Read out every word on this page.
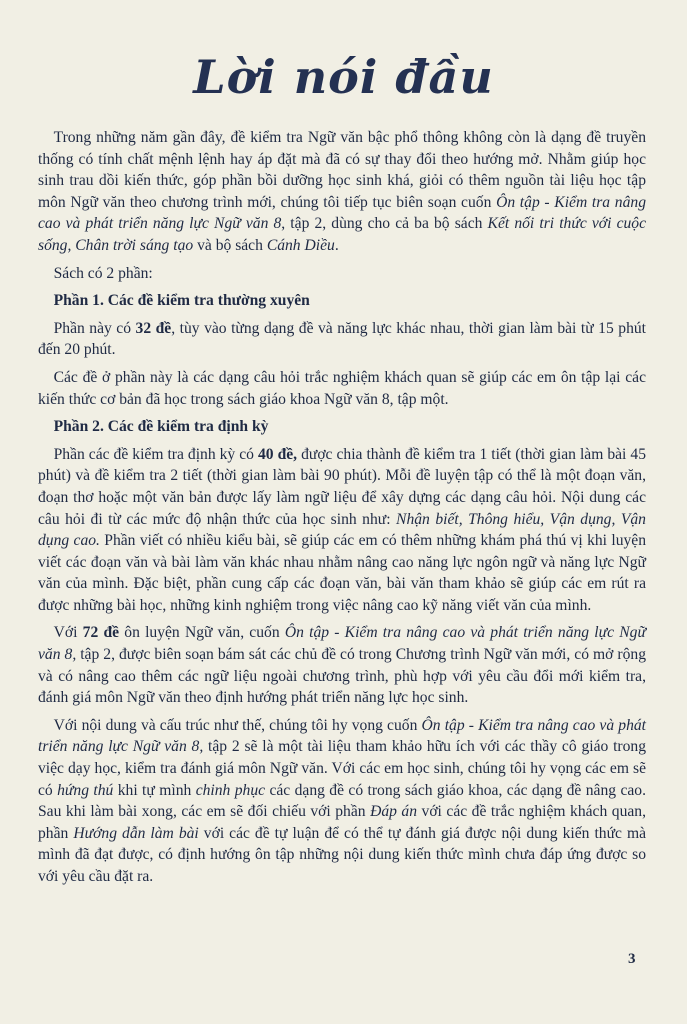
Lời nói đầu

 Trong những năm gần đây, đề kiểm tra Ngữ văn bậc phổ thông không còn là dạng đề truyền thống có tính chất mệnh lệnh hay áp đặt mà đã có sự thay đổi theo hướng mở. Nhằm giúp học sinh trau dồi kiến thức, góp phần bồi dưỡng học sinh khá, giỏi có thêm nguồn tài liệu học tập môn Ngữ văn theo chương trình mới, chúng tôi tiếp tục biên soạn cuốn Ôn tập - Kiểm tra nâng cao và phát triển năng lực Ngữ văn 8, tập 2, dùng cho cả ba bộ sách Kết nối tri thức với cuộc sống, Chân trời sáng tạo và bộ sách Cánh Diều.

 Sách có 2 phần:

 Phần 1. Các đề kiểm tra thường xuyên

 Phần này có 32 đề, tùy vào từng dạng đề và năng lực khác nhau, thời gian làm bài từ 15 phút đến 20 phút.

 Các đề ở phần này là các dạng câu hỏi trắc nghiệm khách quan sẽ giúp các em ôn tập lại các kiến thức cơ bản đã học trong sách giáo khoa Ngữ văn 8, tập một.

 Phần 2. Các đề kiểm tra định kỳ

 Phần các đề kiểm tra định kỳ có 40 đề, được chia thành đề kiểm tra 1 tiết (thời gian làm bài 45 phút) và đề kiểm tra 2 tiết (thời gian làm bài 90 phút). Mỗi đề luyện tập có thể là một đoạn văn, đoạn thơ hoặc một văn bản được lấy làm ngữ liệu để xây dựng các dạng câu hỏi. Nội dung các câu hỏi đi từ các mức độ nhận thức của học sinh như: Nhận biết, Thông hiểu, Vận dụng, Vận dụng cao. Phần viết có nhiều kiểu bài, sẽ giúp các em có thêm những khám phá thú vị khi luyện viết các đoạn văn và bài làm văn khác nhau nhằm nâng cao năng lực ngôn ngữ và năng lực Ngữ văn của mình. Đặc biệt, phần cung cấp các đoạn văn, bài văn tham khảo sẽ giúp các em rút ra được những bài học, những kinh nghiệm trong việc nâng cao kỹ năng viết văn của mình.

 Với 72 đề ôn luyện Ngữ văn, cuốn Ôn tập - Kiểm tra nâng cao và phát triển năng lực Ngữ văn 8, tập 2, được biên soạn bám sát các chủ đề có trong Chương trình Ngữ văn mới, có mở rộng và có nâng cao thêm các ngữ liệu ngoài chương trình, phù hợp với yêu cầu đổi mới kiểm tra, đánh giá môn Ngữ văn theo định hướng phát triển năng lực học sinh.

 Với nội dung và cấu trúc như thế, chúng tôi hy vọng cuốn Ôn tập - Kiểm tra nâng cao và phát triển năng lực Ngữ văn 8, tập 2 sẽ là một tài liệu tham khảo hữu ích với các thầy cô giáo trong việc dạy học, kiểm tra đánh giá môn Ngữ văn. Với các em học sinh, chúng tôi hy vọng các em sẽ có hứng thú khi tự mình chinh phục các dạng đề có trong sách giáo khoa, các dạng đề nâng cao. Sau khi làm bài xong, các em sẽ đối chiếu với phần Đáp án với các đề trắc nghiệm khách quan, phần Hướng dẫn làm bài với các đề tự luận để có thể tự đánh giá được nội dung kiến thức mà mình đã đạt được, có định hướng ôn tập những nội dung kiến thức mình chưa đáp ứng được so với yêu cầu đặt ra.

3
